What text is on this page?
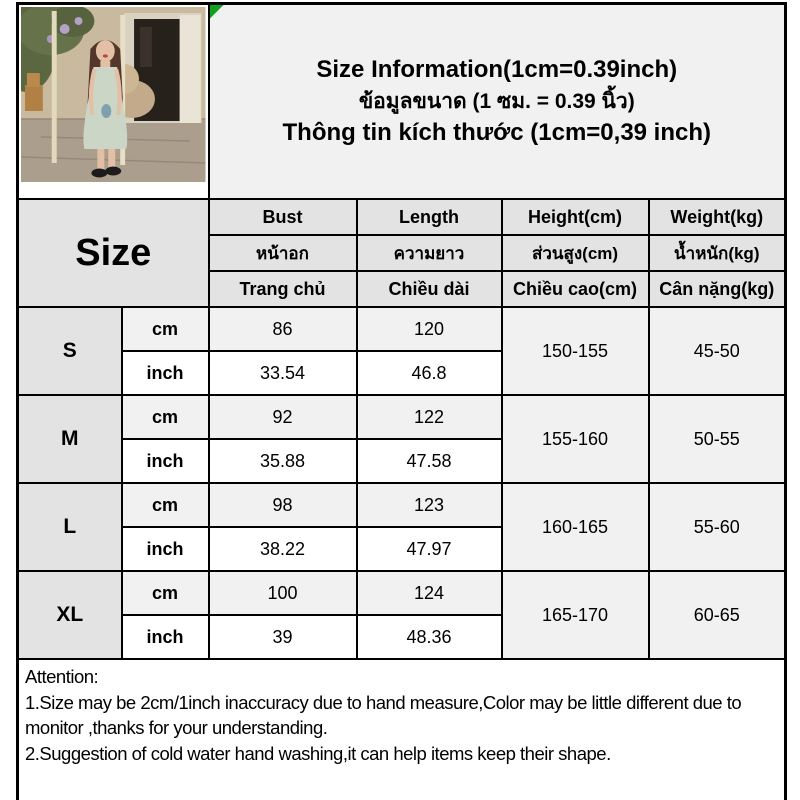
Size Information(1cm=0.39inch)
ข้อมูลขนาด (1 ซม. = 0.39 นิ้ว)
Thông tin kích thước (1cm=0,39 inch)			

Size		Bust	Length	Height(cm)	Weight(kg)
		หน้าอก	ความยาว	ส่วนสูง(cm)	น้ำหนัก(kg)
		Trang chủ	Chiều dài	Chiều cao(cm)	Cân nặng(kg)
S	cm	86	120	150-155	45-50
	inch	33.54	46.8		
M	cm	92	122	155-160	50-55
	inch	35.88	47.58		
L	cm	98	123	160-165	55-60
	inch	38.22	47.97		
XL	cm	100	124	165-170	60-65
	inch	39	48.36		

Attention:
1.Size may be 2cm/1inch inaccuracy due to hand measure,Color may be little different due to monitor ,thanks for your understanding.
2.Suggestion of cold water hand washing,it can help items keep their shape.					
